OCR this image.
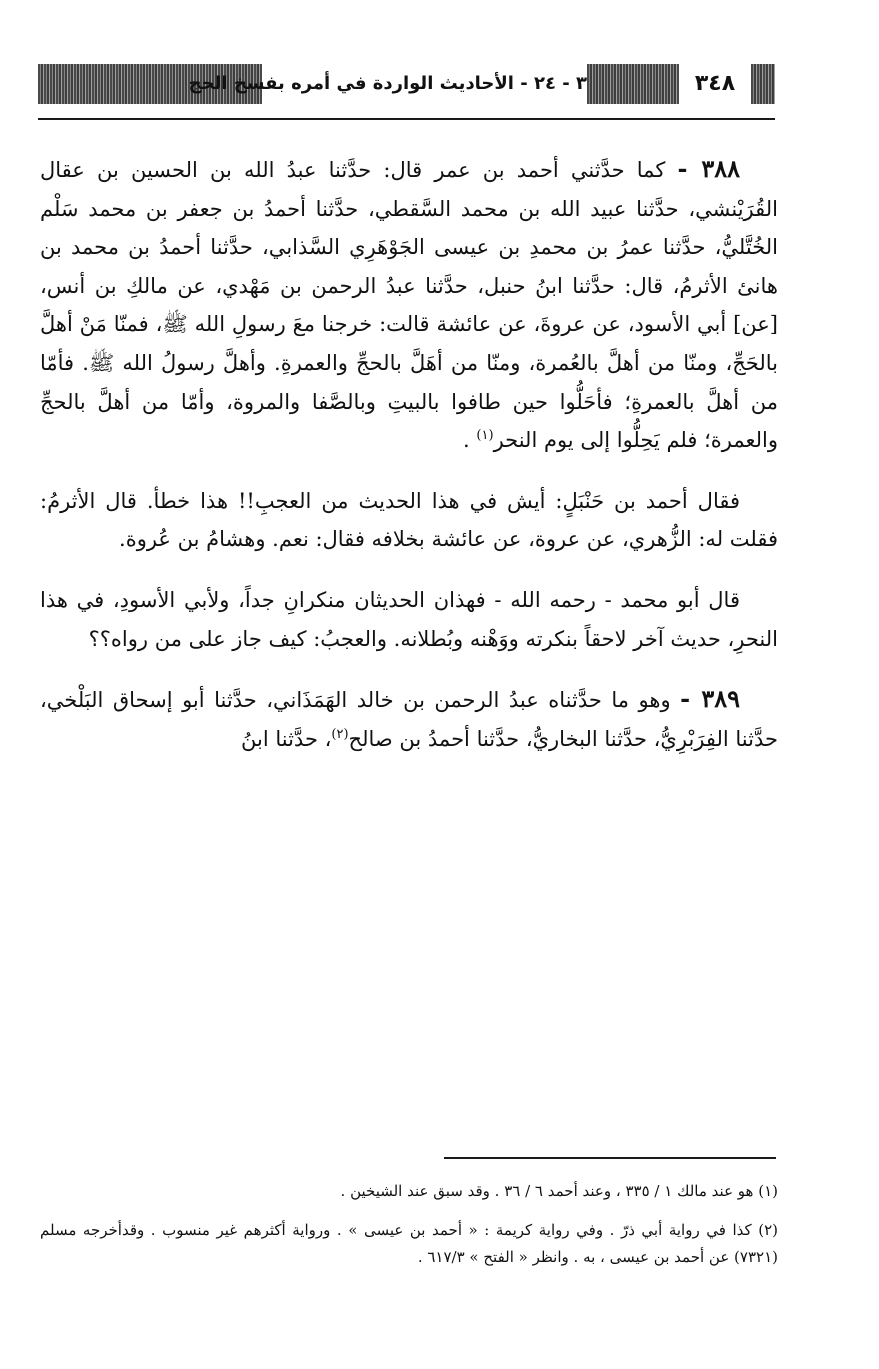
٣ - ٢٤ - الأحاديث الواردة في أمره بفسخ الحج	٣٤٨

٣٨٨ - كما حدَّثني أحمد بن عمر قال: حدَّثنا عبدُ الله بن الحسين بن عقال القُرَيْنشي، حدَّثنا عبيد الله بن محمد السَّقطي، حدَّثنا أحمدُ بن جعفر بن محمد سَلْم الخُتَّليُّ، حدَّثنا عمرُ بن محمدِ بن عيسى الجَوْهَرِي السَّذابي، حدَّثنا أحمدُ بن محمد بن هانئ الأثرمُ، قال: حدَّثنا ابنُ حنبل، حدَّثنا عبدُ الرحمن بن مَهْدي، عن مالكِ بن أنس، [عن] أبي الأسود، عن عروةَ، عن عائشة قالت: خرجنا معَ رسولِ الله ﷺ، فمنّا مَنْ أهلَّ بالحَجِّ، ومنّا من أهلَّ بالعُمرة، ومنّا من أهَلَّ بالحجِّ والعمرةِ. وأهلَّ رسولُ الله ﷺ. فأمّا من أهلَّ بالعمرةِ؛ فأحَلُّوا حين طافوا بالبيتِ وبالصَّفا والمروة، وأمّا من أهلَّ بالحجِّ والعمرة؛ فلم يَحِلُّوا إلى يوم النحر$^{(١)}$ .

فقال أحمد بن حَنْبَلٍ: أيش في هذا الحديث من العجبِ!! هذا خطأ. قال الأثرمُ: فقلت له: الزُّهري، عن عروة، عن عائشة بخلافه فقال: نعم. وهشامُ بن عُروة.

قال أبو محمد - رحمه الله - فهذان الحديثان منكرانِ جداً، ولأبي الأسودِ، في هذا النحرِ، حديث آخر لاحقاً بنكرته ووَهْنه وبُطلانه. والعجبُ: كيف جاز على من رواه؟؟

٣٨٩ - وهو ما حدَّثناه عبدُ الرحمن بن خالد الهَمَذَاني، حدَّثنا أبو إسحاق البَلْخي، حدَّثنا الفِرَبْرِيُّ، حدَّثنا البخاريُّ، حدَّثنا أحمدُ بن صالح$^{(٢)}$، حدَّثنا ابنُ

(١) هو عند مالك ١ / ٣٣٥ ، وعند أحمد ٦ / ٣٦ . وقد سبق عند الشيخين .

(٢) كذا في رواية أبي ذرّ . وفي رواية كريمة : « أحمد بن عيسى » . ورواية أكثرهم غير منسوب . وقدأخرجه مسلم (٧٣٢١) عن أحمد بن عيسى ، به . وانظر « الفتح » ٦١٧/٣ .
